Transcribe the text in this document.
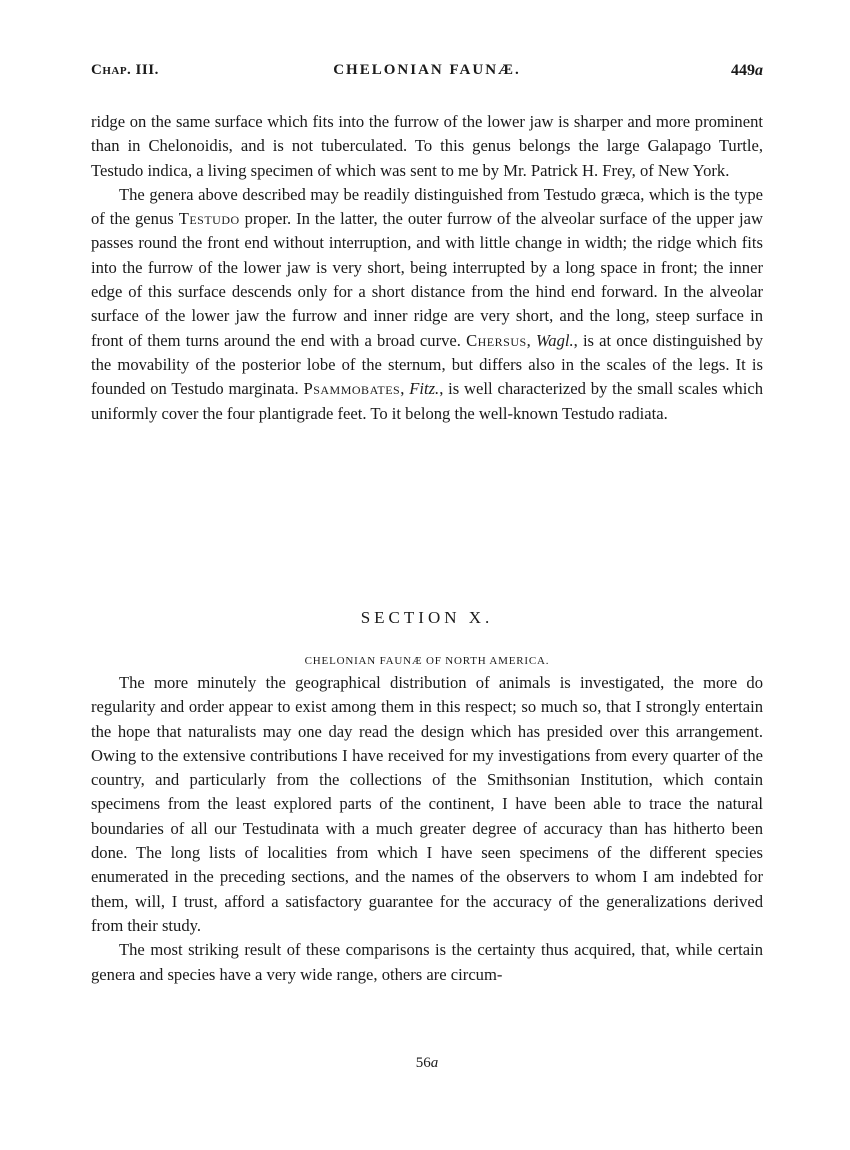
Chap. III.	CHELONIAN FAUNÆ.	449a

ridge on the same surface which fits into the furrow of the lower jaw is sharper and more prominent than in Chelonoidis, and is not tuberculated. To this genus belongs the large Galapago Turtle, Testudo indica, a living specimen of which was sent to me by Mr. Patrick H. Frey, of New York.

The genera above described may be readily distinguished from Testudo græca, which is the type of the genus Testudo proper. In the latter, the outer furrow of the alveolar surface of the upper jaw passes round the front end without interruption, and with little change in width; the ridge which fits into the furrow of the lower jaw is very short, being interrupted by a long space in front; the inner edge of this surface descends only for a short distance from the hind end forward. In the alveolar surface of the lower jaw the furrow and inner ridge are very short, and the long, steep surface in front of them turns around the end with a broad curve. Chersus, Wagl., is at once distinguished by the movability of the posterior lobe of the sternum, but differs also in the scales of the legs. It is founded on Testudo marginata. Psammobates, Fitz., is well characterized by the small scales which uniformly cover the four plantigrade feet. To it belong the well-known Testudo radiata.

SECTION X.
CHELONIAN FAUNÆ OF NORTH AMERICA.

The more minutely the geographical distribution of animals is investigated, the more do regularity and order appear to exist among them in this respect; so much so, that I strongly entertain the hope that naturalists may one day read the design which has presided over this arrangement. Owing to the extensive contributions I have received for my investigations from every quarter of the country, and particularly from the collections of the Smithsonian Institution, which contain specimens from the least explored parts of the continent, I have been able to trace the natural boundaries of all our Testudinata with a much greater degree of accuracy than has hitherto been done. The long lists of localities from which I have seen specimens of the different species enumerated in the preceding sections, and the names of the observers to whom I am indebted for them, will, I trust, afford a satisfactory guarantee for the accuracy of the generalizations derived from their study.

The most striking result of these comparisons is the certainty thus acquired, that, while certain genera and species have a very wide range, others are circum-

56a
